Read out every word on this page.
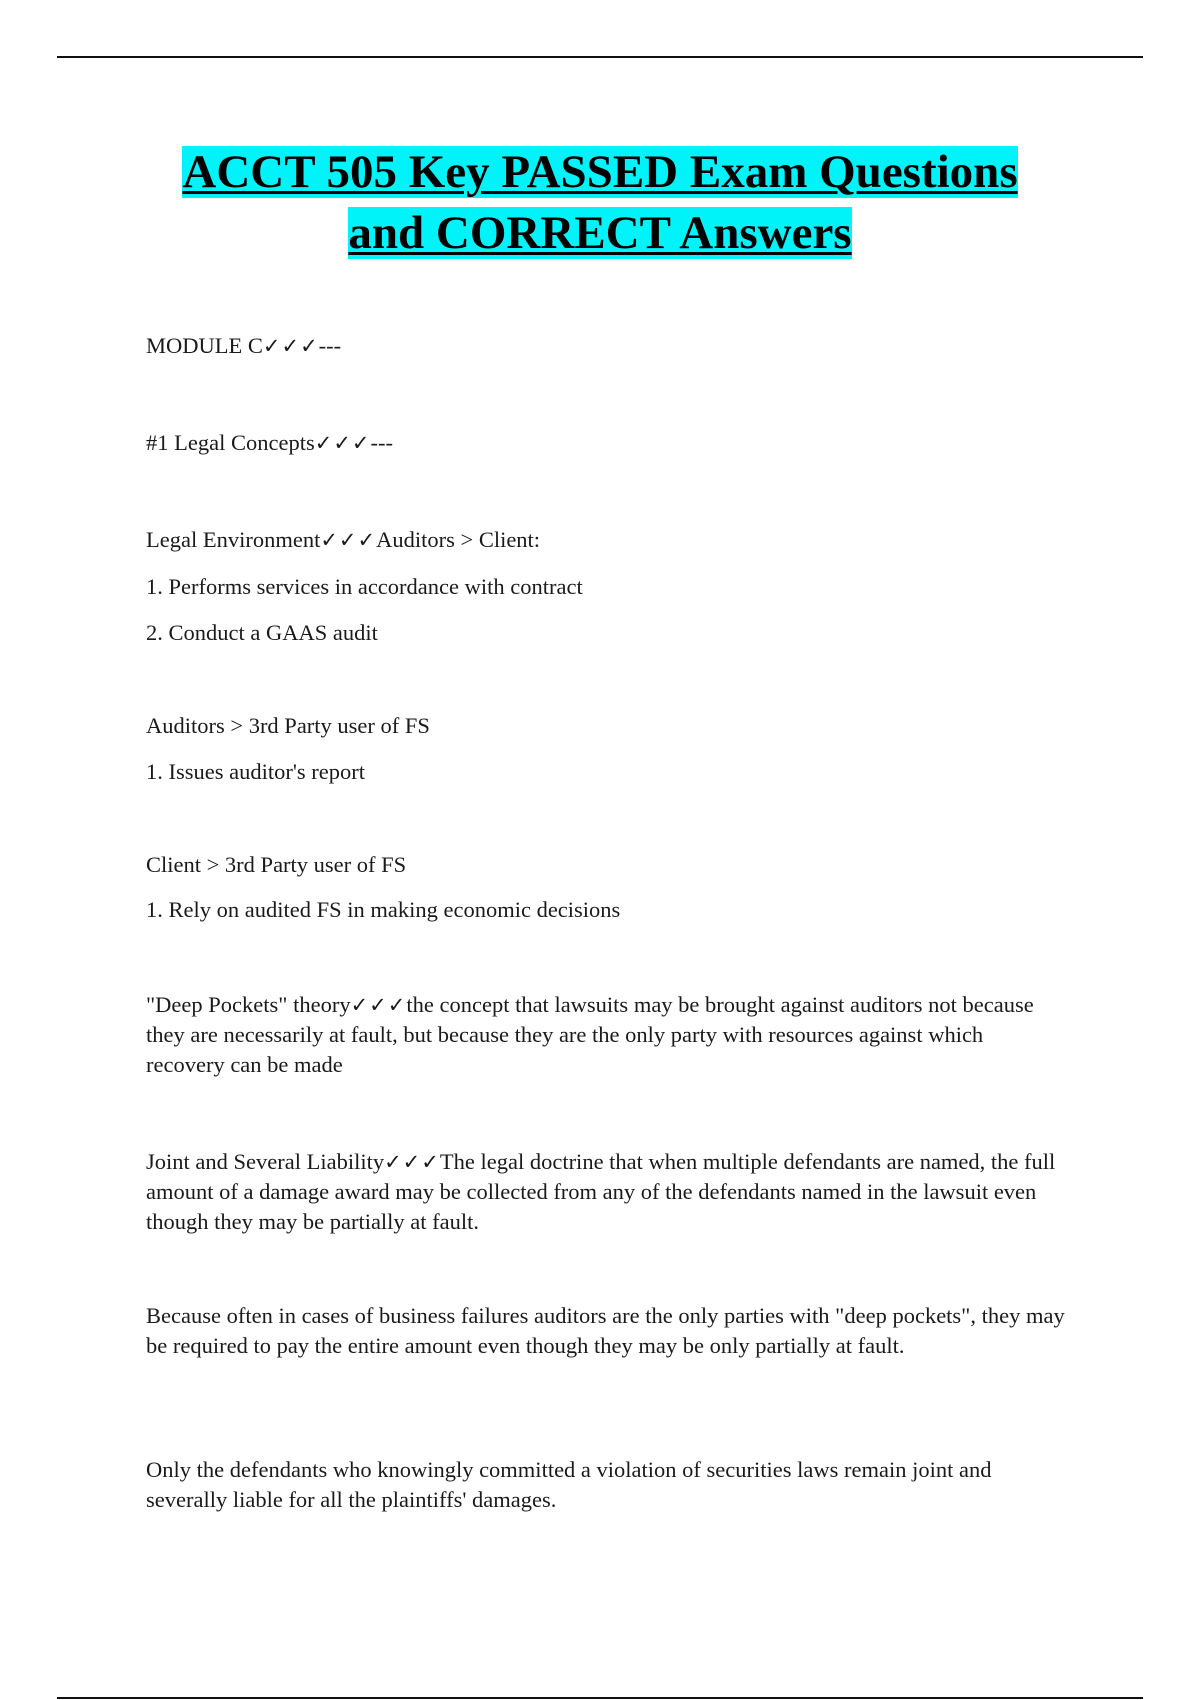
ACCT 505 Key PASSED Exam Questions
and CORRECT Answers

MODULE C✓✓✓---

#1 Legal Concepts✓✓✓---

Legal Environment✓✓✓Auditors > Client:

1. Performs services in accordance with contract

2. Conduct a GAAS audit

Auditors > 3rd Party user of FS

1. Issues auditor's report

Client > 3rd Party user of FS

1. Rely on audited FS in making economic decisions

"Deep Pockets" theory✓✓✓the concept that lawsuits may be brought against auditors not because they are necessarily at fault, but because they are the only party with resources against which recovery can be made

Joint and Several Liability✓✓✓The legal doctrine that when multiple defendants are named, the full amount of a damage award may be collected from any of the defendants named in the lawsuit even though they may be partially at fault.

Because often in cases of business failures auditors are the only parties with "deep pockets", they may be required to pay the entire amount even though they may be only partially at fault.

Only the defendants who knowingly committed a violation of securities laws remain joint and severally liable for all the plaintiffs' damages.
